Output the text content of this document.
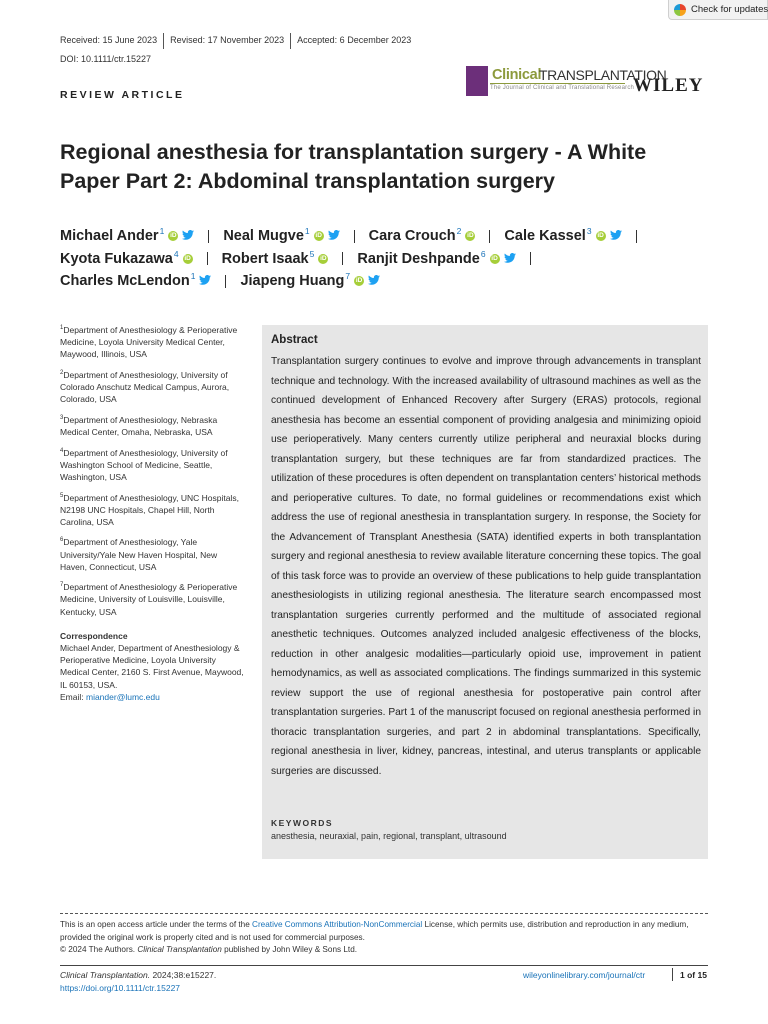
Check for updates
Received: 15 June 2023	Revised: 17 November 2023	Accepted: 6 December 2023
DOI: 10.1111/ctr.15227
Clinical
TRANSPLANTATION
The Journal of Clinical and Translational Research
WILEY
REVIEW ARTICLE
Regional anesthesia for transplantation surgery - A White Paper Part 2: Abdominal transplantation surgery
Michael Ander 1 iD	Neal Mugve 1 iD	Cara Crouch 2 iD Cale Kassel 3 iD
Kyota Fukazawa 4 iD Robert Isaak 5 iD Ranjit Deshpande 6 iD
Charles McLendon 1	Jiapeng Huang 7 iD

$^1$Department of Anesthesiology & Perioperative Medicine, Loyola University Medical Center, Maywood, Illinois, USA

$^2$Department of Anesthesiology, University of Colorado Anschutz Medical Campus, Aurora, Colorado, USA

$^3$Department of Anesthesiology, Nebraska Medical Center, Omaha, Nebraska, USA

$^4$Department of Anesthesiology, University of Washington School of Medicine, Seattle, Washington, USA

$^5$Department of Anesthesiology, UNC Hospitals, N2198 UNC Hospitals, Chapel Hill, North Carolina, USA

$^6$Department of Anesthesiology, Yale University/Yale New Haven Hospital, New Haven, Connecticut, USA

$^7$Department of Anesthesiology & Perioperative Medicine, University of Louisville, Louisville, Kentucky, USA

Correspondence

Michael Ander, Department of Anesthesiology & Perioperative Medicine, Loyola University Medical Center, 2160 S. First Avenue, Maywood, IL 60153, USA.
Email: miander@lumc.edu

Abstract
Transplantation surgery continues to evolve and improve through advancements in transplant technique and technology. With the increased availability of ultrasound machines as well as the continued development of Enhanced Recovery after Surgery (ERAS) protocols, regional anesthesia has become an essential component of providing analgesia and minimizing opioid use perioperatively. Many centers currently utilize peripheral and neuraxial blocks during transplantation surgery, but these techniques are far from standardized practices. The utilization of these procedures is often dependent on transplantation centers’ historical methods and perioperative cultures. To date, no formal guidelines or recommendations exist which address the use of regional anesthesia in transplantation surgery. In response, the Society for the Advancement of Transplant Anesthesia (SATA) identified experts in both transplantation surgery and regional anesthesia to review available literature concerning these topics. The goal of this task force was to provide an overview of these publications to help guide transplantation anesthesiologists in utilizing regional anesthesia. The literature search encompassed most transplantation surgeries currently performed and the multitude of associated regional anesthetic techniques. Outcomes analyzed included analgesic effectiveness of the blocks, reduction in other analgesic modalities—particularly opioid use, improvement in patient hemodynamics, as well as associated complications. The findings summarized in this systemic review support the use of regional anesthesia for postoperative pain control after transplantation surgeries. Part 1 of the manuscript focused on regional anesthesia performed in thoracic transplantation surgeries, and part 2 in abdominal transplantations. Specifically, regional anesthesia in liver, kidney, pancreas, intestinal, and uterus transplants or applicable surgeries are discussed.
KEYWORDS
anesthesia, neuraxial, pain, regional, transplant, ultrasound
This is an open access article under the terms of the Creative Commons Attribution-NonCommercial License, which permits use, distribution and reproduction in any medium, provided the original work is properly cited and is not used for commercial purposes.
© 2024 The Authors. Clinical Transplantation published by John Wiley & Sons Ltd.
Clinical Transplantation. 2024;38:e15227.
https://doi.org/10.1111/ctr.15227
wileyonlinelibrary.com/journal/ctr	1 of 15
